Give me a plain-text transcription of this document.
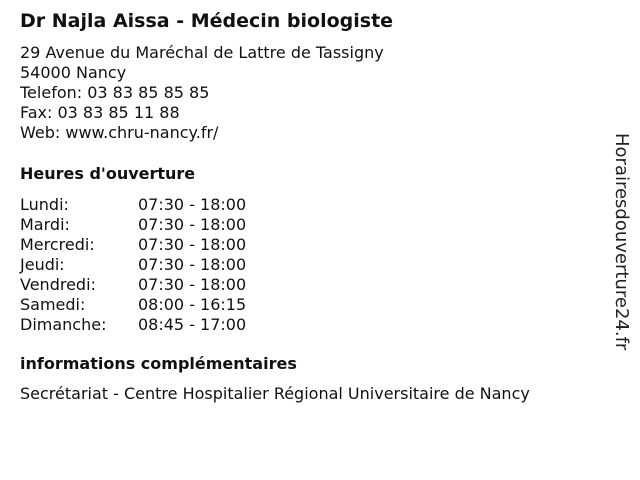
Dr Najla Aissa - Médecin biologiste
29 Avenue du Maréchal de Lattre de Tassigny
54000 Nancy
Telefon: 03 83 85 85 85
Fax: 03 83 85 11 88
Web: www.chru-nancy.fr/
Heures d'ouverture
Lundi:	07:30 - 18:00
Mardi:	07:30 - 18:00
Mercredi:	07:30 - 18:00
Jeudi:	07:30 - 18:00
Vendredi:	07:30 - 18:00
Samedi:	08:00 - 16:15
Dimanche:	08:45 - 17:00
informations complémentaires
Secrétariat - Centre Hospitalier Régional Universitaire de Nancy
Horairesdouverture24.fr
